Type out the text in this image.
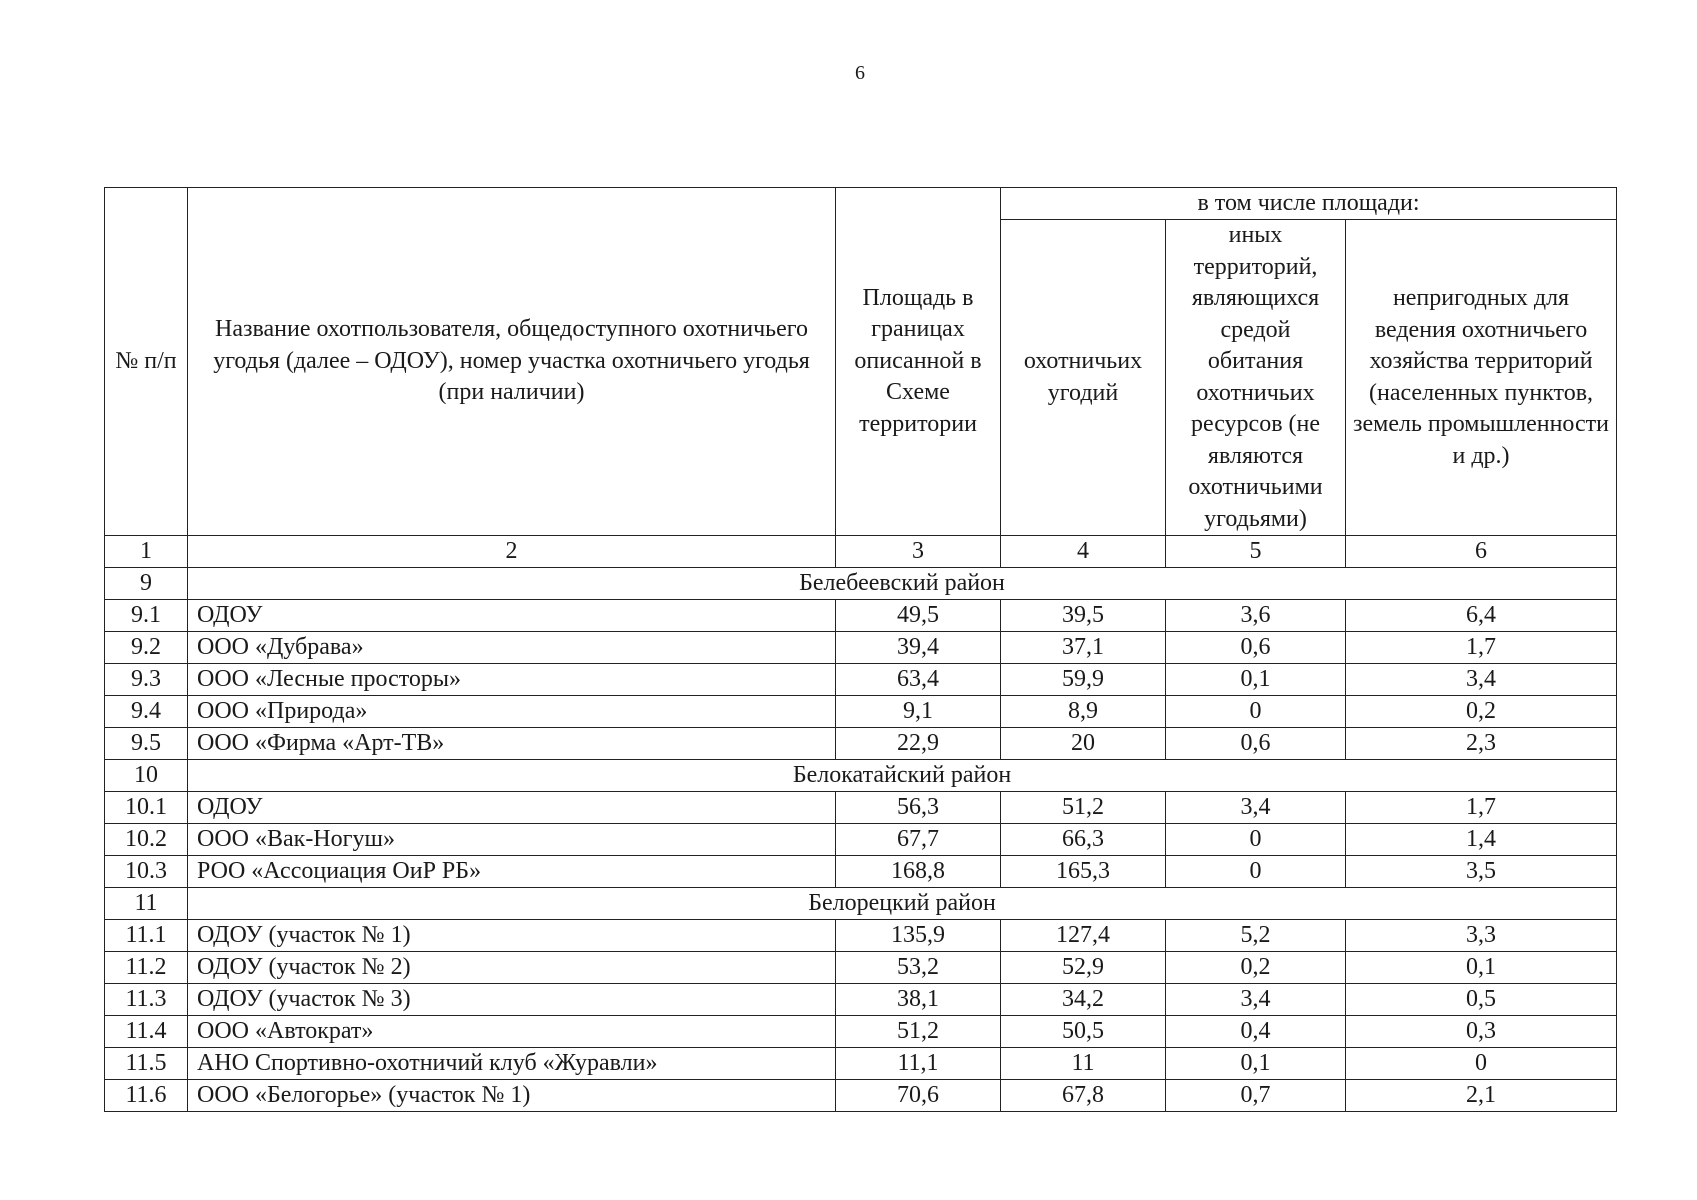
6
№ п/п	Название охотпользователя, общедоступного охотничьего угодья (далее – ОДОУ), номер участка охотничьего угодья (при наличии)	Площадь в границах описанной в Схеме территории	в том числе площади:		
			охотничьих угодий	иных территорий, являющихся средой обитания охотничьих ресурсов (не являются охотничьими угодьями)	непригодных для ведения охотничьего хозяйства территорий (населенных пунктов, земель промышленности и др.)
1	2	3	4	5	6
9	Белебеевский район				
9.1	ОДОУ	49,5	39,5	3,6	6,4
9.2	ООО «Дубрава»	39,4	37,1	0,6	1,7
9.3	ООО «Лесные просторы»	63,4	59,9	0,1	3,4
9.4	ООО «Природа»	9,1	8,9	0	0,2
9.5	ООО «Фирма «Арт-ТВ»	22,9	20	0,6	2,3
10	Белокатайский район				
10.1	ОДОУ	56,3	51,2	3,4	1,7
10.2	ООО «Вак-Ногуш»	67,7	66,3	0	1,4
10.3	РОО «Ассоциация ОиР РБ»	168,8	165,3	0	3,5
11	Белорецкий район				
11.1	ОДОУ (участок № 1)	135,9	127,4	5,2	3,3
11.2	ОДОУ (участок № 2)	53,2	52,9	0,2	0,1
11.3	ОДОУ (участок № 3)	38,1	34,2	3,4	0,5
11.4	ООО «Автократ»	51,2	50,5	0,4	0,3
11.5	АНО Спортивно-охотничий клуб «Журавли»	11,1	11	0,1	0
11.6	ООО «Белогорье» (участок № 1)	70,6	67,8	0,7	2,1
